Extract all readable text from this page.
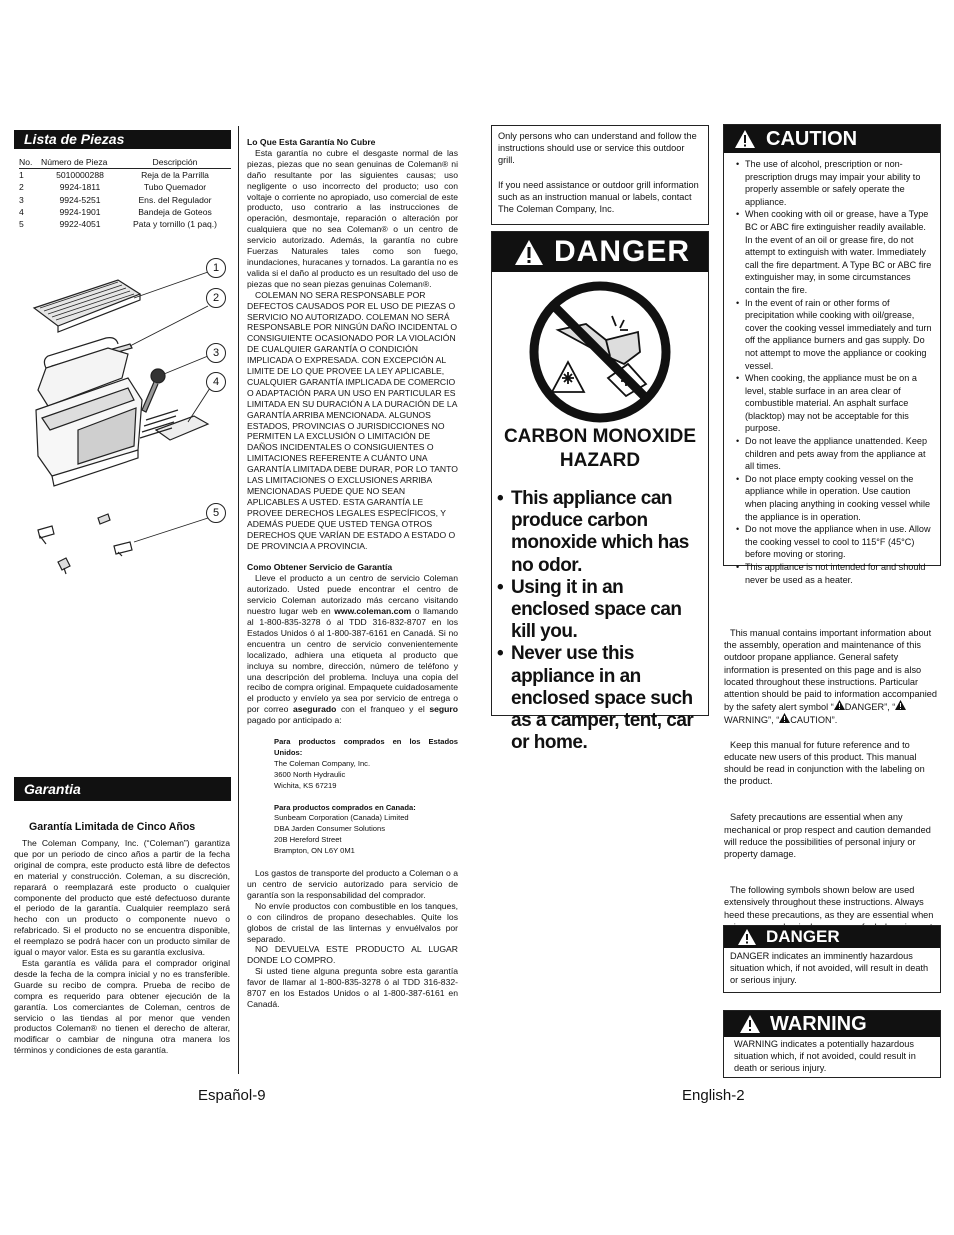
Lista de Piezas
No.	Número de Pieza	Descripción
1	5010000288	Reja de la Parrilla
2	9924-1811	Tubo Quemador
3	9924-5251	Ens. del Regulador
4	9924-1901	Bandeja de Goteos
5	9922-4051	Pata y tornillo (1 paq.)
1
2
3
4
5
Garantia
Garantía Limitada de Cinco Años

The Coleman Company, Inc. (“Coleman”) garantiza que por un periodo de cinco años a partir de la fecha original de compra, este producto está libre de defectos en material y construcción. Coleman, a su discreción, reparará o reemplazará este producto o cualquier componente del producto que esté defectuoso durante el periodo de la garantía. Cualquier reemplazo será hecho con un producto o componente nuevo o refabricado. Si el producto no se encuentra disponible, el reemplazo se podrá hacer con un producto similar de igual o mayor valor. Esta es su garantía exclusiva.

Esta garantía es válida para el comprador original desde la fecha de la compra inicial y no es transferible. Guarde su recibo de compra. Prueba de recibo de compra es requerido para obtener ejecución de la garantía. Los comerciantes de Coleman, centros de servicio o las tiendas al por menor que venden productos Coleman® no tienen el derecho de alterar, modificar o cambiar de ninguna otra manera los términos y condiciones de esta garantía.

Lo Que Esta Garantía No Cubre

Esta garantía no cubre el desgaste normal de las piezas, piezas que no sean genuinas de Coleman® ni daño resultante por las siguientes causas; uso negligente o uso incorrecto del producto; uso con voltaje o corriente no apropiado, uso comercial de este producto, uso contrario a las instrucciones de operación, desmontaje, reparación o alteración por cualquiera que no sea Coleman® o un centro de servicio autorizado. Además, la garantía no cubre Fuerzas Naturales tales como son fuego, inundaciones, huracanes y tornados. La garantía no es valida si el daño al producto es un resultado del uso de piezas que no sean piezas genuinas Coleman®.

COLEMAN NO SERA RESPONSABLE POR DEFECTOS CAUSADOS POR EL USO DE PIEZAS O SERVICIO NO AUTORIZADO. COLEMAN NO SERÁ RESPONSABLE POR NINGÚN DAÑO INCIDENTAL O CONSIGUIENTE OCASIONADO POR LA VIOLACIÓN DE CUALQUIER GARANTÍA O CONDICIÓN IMPLICADA O EXPRESADA. CON EXCEPCIÓN AL LIMITE DE LO QUE PROVEE LA LEY APLICABLE, CUALQUIER GARANTÍA IMPLICADA DE COMERCIO O ADAPTACIÓN PARA UN USO EN PARTICULAR ES LIMITADA EN SU DURACIÓN A LA DURACIÓN DE LA GARANTÍA ARRIBA MENCIONADA. ALGUNOS ESTADOS, PROVINCIAS O JURISDICCIONES NO PERMITEN LA EXCLUSIÓN O LIMITACIÓN DE DAÑOS INCIDENTALES O CONSIGUIENTES O LIMITACIONES REFERENTE A CUÁNTO UNA GARANTÍA LIMITADA DEBE DURAR, POR LO TANTO LAS LIMITACIONES O EXCLUSIONES ARRIBA MENCIONADAS PUEDE QUE NO SEAN APLICABLES A USTED. ESTA GARANTÍA LE PROVEE DERECHOS LEGALES ESPECÍFICOS, Y ADEMÁS PUEDE QUE USTED TENGA OTROS DERECHOS QUE VARÍAN DE ESTADO A ESTADO O DE PROVINCIA A PROVINCIA.

Como Obtener Servicio de Garantía

Lleve el producto a un centro de servicio Coleman autorizado. Usted puede encontrar el centro de servicio Coleman autorizado más cercano visitando nuestro lugar web en www.coleman.com o llamando al 1-800-835-3278 ó al TDD 316-832-8707 en los Estados Unidos ó al 1-800-387-6161 en Canadá. Si no encuentra un centro de servicio convenientemente localizado, adhiera una etiqueta al producto que incluya su nombre, dirección, número de teléfono y una descripción del problema. Incluya una copia del recibo de compra original. Empaquete cuidadosamente el producto y envíelo ya sea por servicio de entrega o por correo asegurado con el franqueo y el seguro pagado por anticipado a:

Para productos comprados en los Estados Unidos:
The Coleman Company, Inc.
3600 North Hydraulic
Wichita, KS 67219
Para productos comprados en Canada:
Sunbeam Corporation (Canada) Limited
DBA Jarden Consumer Solutions
20B Hereford Street
Brampton, ON L6Y 0M1

Los gastos de transporte del producto a Coleman o a un centro de servicio autorizado para servicio de garantía son la responsabilidad del comprador.

No envíe productos con combustible en los tanques, o con cilindros de propano desechables. Quite los globos de cristal de las linternas y envuélvalos por separado.

NO DEVUELVA ESTE PRODUCTO AL LUGAR DONDE LO COMPRO.

Si usted tiene alguna pregunta sobre esta garantía favor de llamar al 1-800-835-3278 ó al TDD 316-832-8707 en los Estados Unidos o al 1-800-387-6161 en Canadá.

Español-9	English-2

Only persons who can understand and follow the instructions should use or service this outdoor grill.

If you need assistance or outdoor grill information such as an instruction manual or labels, contact The Coleman Company, Inc.

DANGER
CARBON MONOXIDE HAZARD
• This appliance can produce carbon monoxide which has no odor.
• Using it in an enclosed space can kill you.
• Never use this appliance in an enclosed space such as a camper, tent, car or home.
CAUTION
• The use of alcohol, prescription or non-prescription drugs may impair your ability to properly assemble or safely operate the appliance.
• When cooking with oil or grease, have a Type BC or ABC fire extinguisher readily available. In the event of an oil or grease fire, do not attempt to extinguish with water. Immediately call the fire department. A Type BC or ABC fire extinguisher may, in some circumstances contain the fire.
• In the event of rain or other forms of precipitation while cooking with oil/grease, cover the cooking vessel immediately and turn off the appliance burners and gas supply. Do not attempt to move the appliance or cooking vessel.
• When cooking, the appliance must be on a level, stable surface in an area clear of combustible material. An asphalt surface (blacktop) may not be acceptable for this purpose.
• Do not leave the appliance unattended. Keep children and pets away from the appliance at all times.
• Do not place empty cooking vessel on the appliance while in operation. Use caution when placing anything in cooking vessel while the appliance is in operation.
• Do not move the appliance when in use. Allow the cooking vessel to cool to 115°F (45°C) before moving or storing.
• This appliance is not intended for and should never be used as a heater.

This manual contains important information about the assembly, operation and maintenance of this outdoor propane appliance. General safety information is presented on this page and is also located throughout these instructions. Particular attention should be paid to information accompanied by the safety alert symbol “ DANGER”, “WARNING”, “ CAUTION”.

Keep this manual for future reference and to educate new users of this product. This manual should be read in conjunction with the labeling on the product.

Safety precautions are essential when any mechanical or prop respect and caution demanded will reduce the possibilities of personal injury or property damage.

The following symbols shown below are used extensively throughout these instructions. Always heed these precautions, as they are essential when

DANGER
DANGER indicates an imminently hazardous situation which, if not avoided, will result in death or serious injury.
WARNING
WARNING indicates a potentially hazardous situation which, if not avoided, could result in death or serious injury.
